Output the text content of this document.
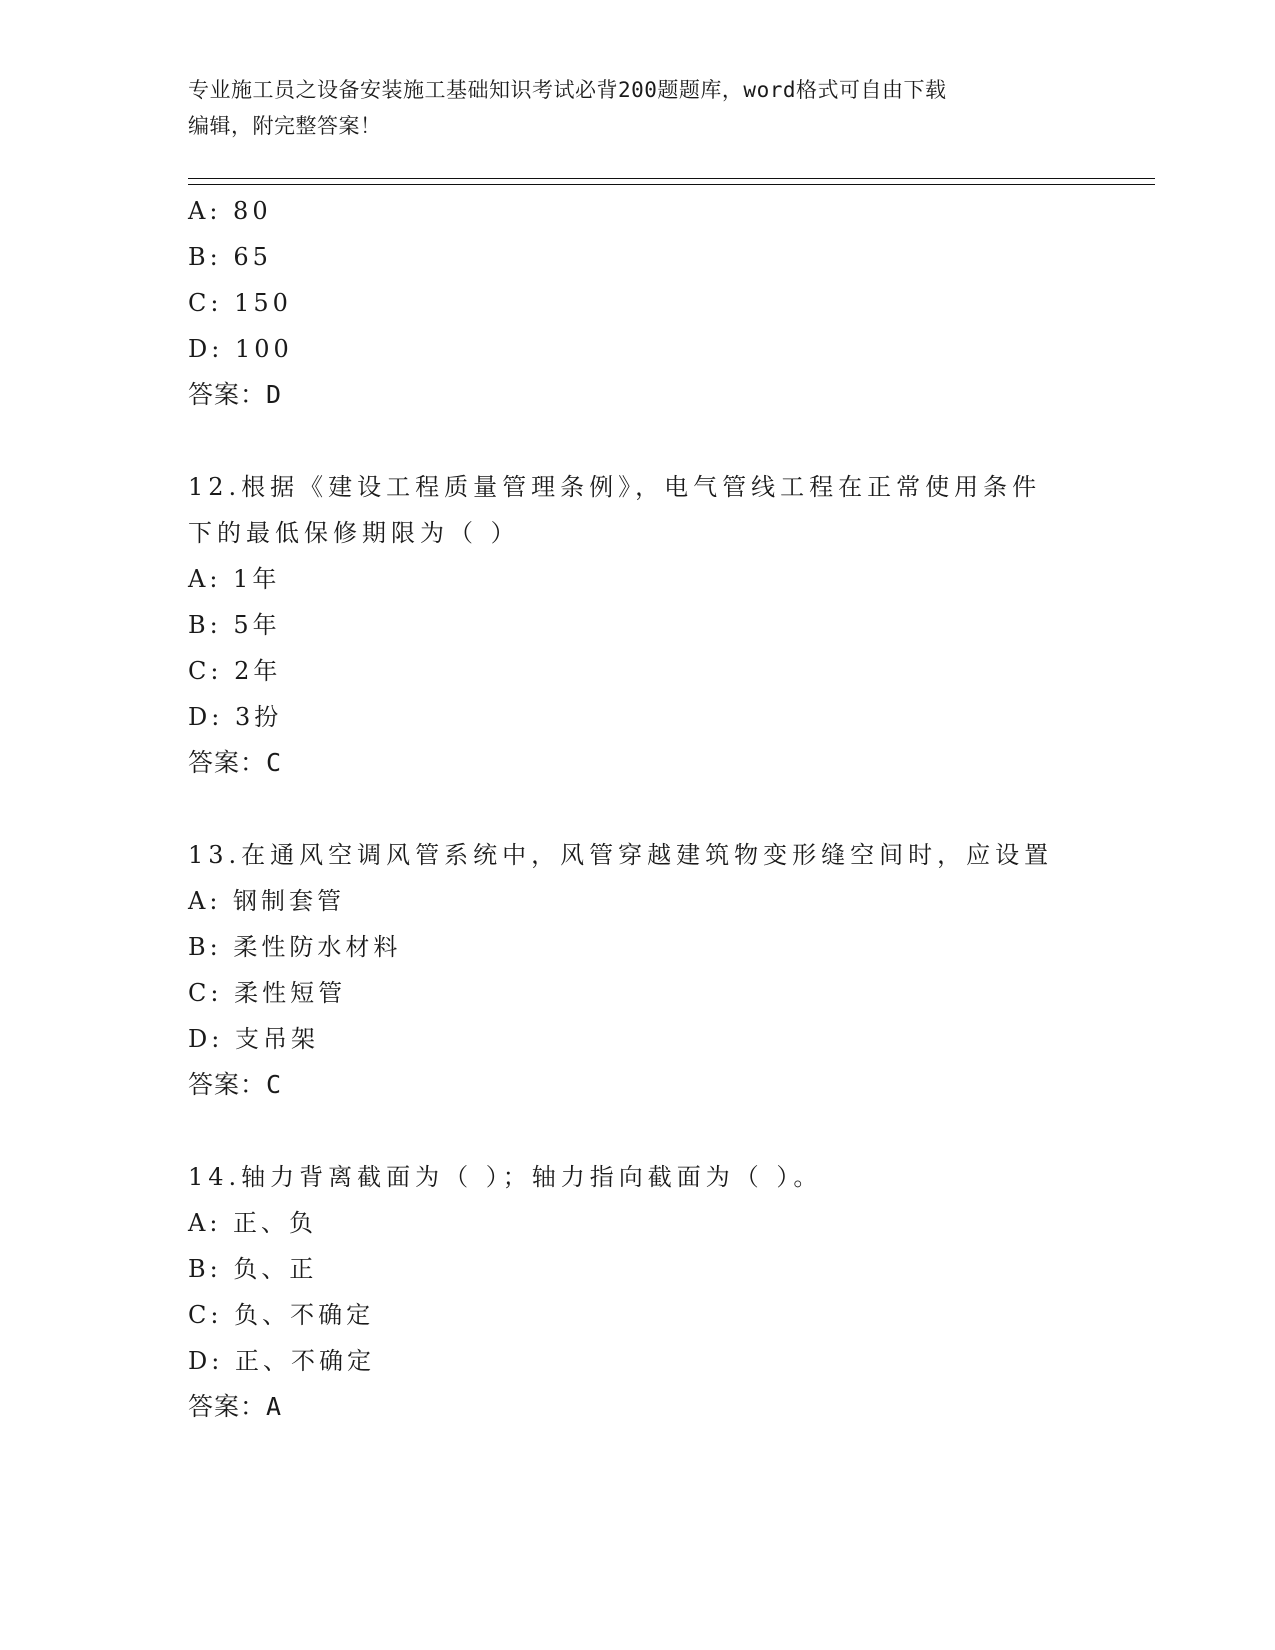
专业施工员之设备安装施工基础知识考试必背200题题库，word格式可自由下载
编辑，附完整答案！
A: 80
B: 65
C: 150
D: 100
答案：D
12.根据《建设工程质量管理条例》，电气管线工程在正常使用条件下的最低保修期限为（ ）
A: 1年
B: 5年
C: 2年
D: 3扮
答案：C
13.在通风空调风管系统中，风管穿越建筑物变形缝空间时，应设置
A: 钢制套管
B: 柔性防水材料
C: 柔性短管
D: 支吊架
答案：C
14.轴力背离截面为（ ）；轴力指向截面为（ ）。
A: 正、负
B: 负、正
C: 负、不确定
D: 正、不确定
答案：A
